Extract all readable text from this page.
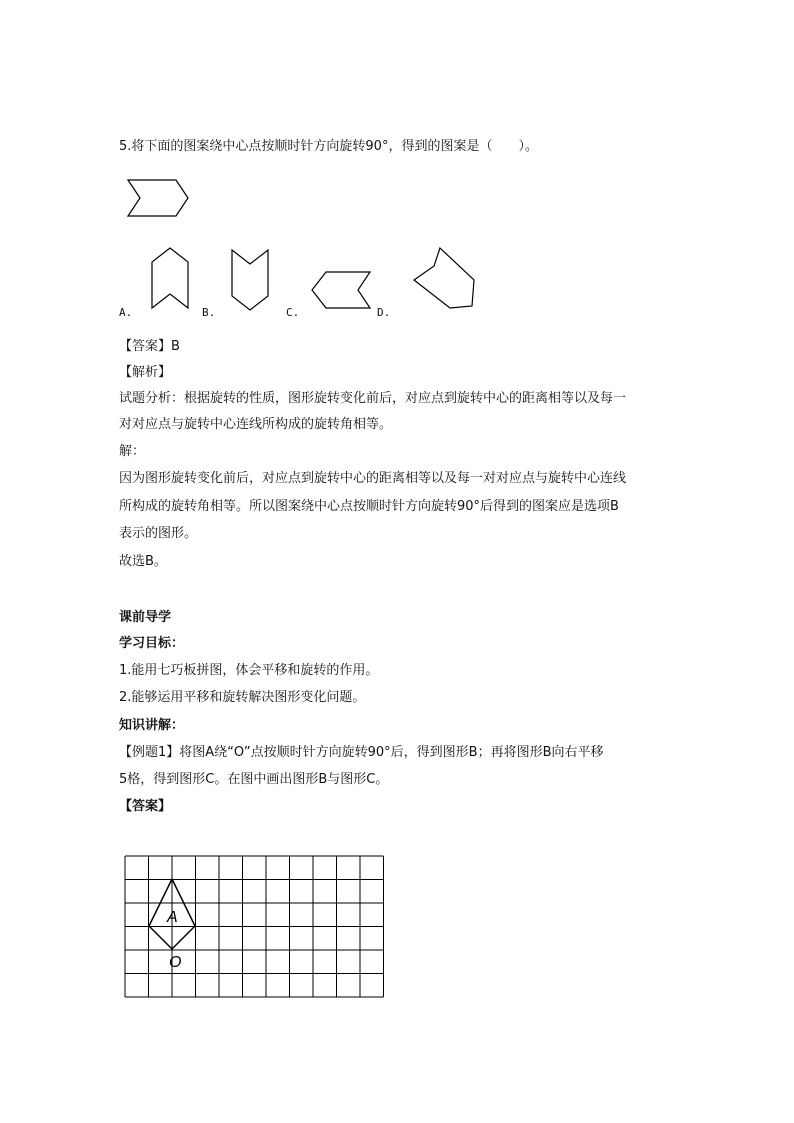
5.将下面的图案绕中心点按顺时针方向旋转90°，得到的图案是（　　）。
A.	B.	C.	D.
【答案】B
【解析】
试题分析：根据旋转的性质，图形旋转变化前后，对应点到旋转中心的距离相等以及每一
对对应点与旋转中心连线所构成的旋转角相等。
解：
因为图形旋转变化前后，对应点到旋转中心的距离相等以及每一对对应点与旋转中心连线
所构成的旋转角相等。所以图案绕中心点按顺时针方向旋转90°后得到的图案应是选项B
表示的图形。
故选B。
课前导学
学习目标：
1.能用七巧板拼图，体会平移和旋转的作用。
2.能够运用平移和旋转解决图形变化问题。
知识讲解：
【例题1】将图A绕“O”点按顺时针方向旋转90°后，得到图形B；再将图形B向右平移
5格，得到图形C。在图中画出图形B与图形C。
【答案】
A
O
